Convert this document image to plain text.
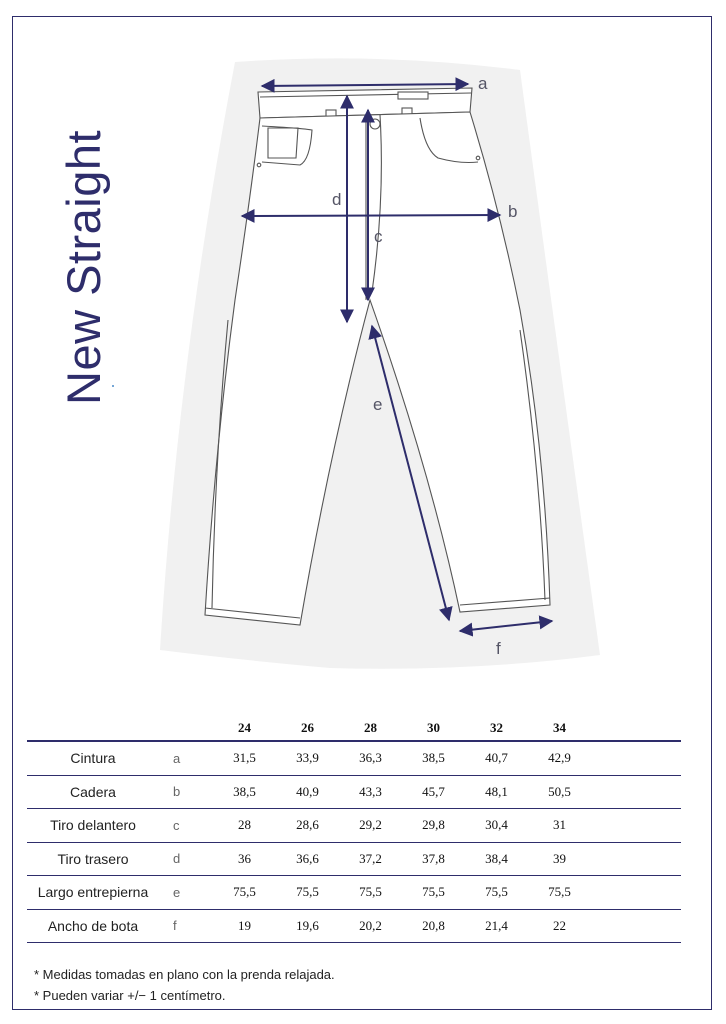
New Straight
a
b
c
d
e
f
		24	26	28	30	32	34	
Cintura	a	31,5	33,9	36,3	38,5	40,7	42,9	
Cadera	b	38,5	40,9	43,3	45,7	48,1	50,5	
Tiro delantero	c	28	28,6	29,2	29,8	30,4	31	
Tiro trasero	d	36	36,6	37,2	37,8	38,4	39	
Largo entrepierna	e	75,5	75,5	75,5	75,5	75,5	75,5	
Ancho de bota	f	19	19,6	20,2	20,8	21,4	22	
* Medidas tomadas en plano con la prenda relajada.
* Pueden variar +/− 1 centímetro.
